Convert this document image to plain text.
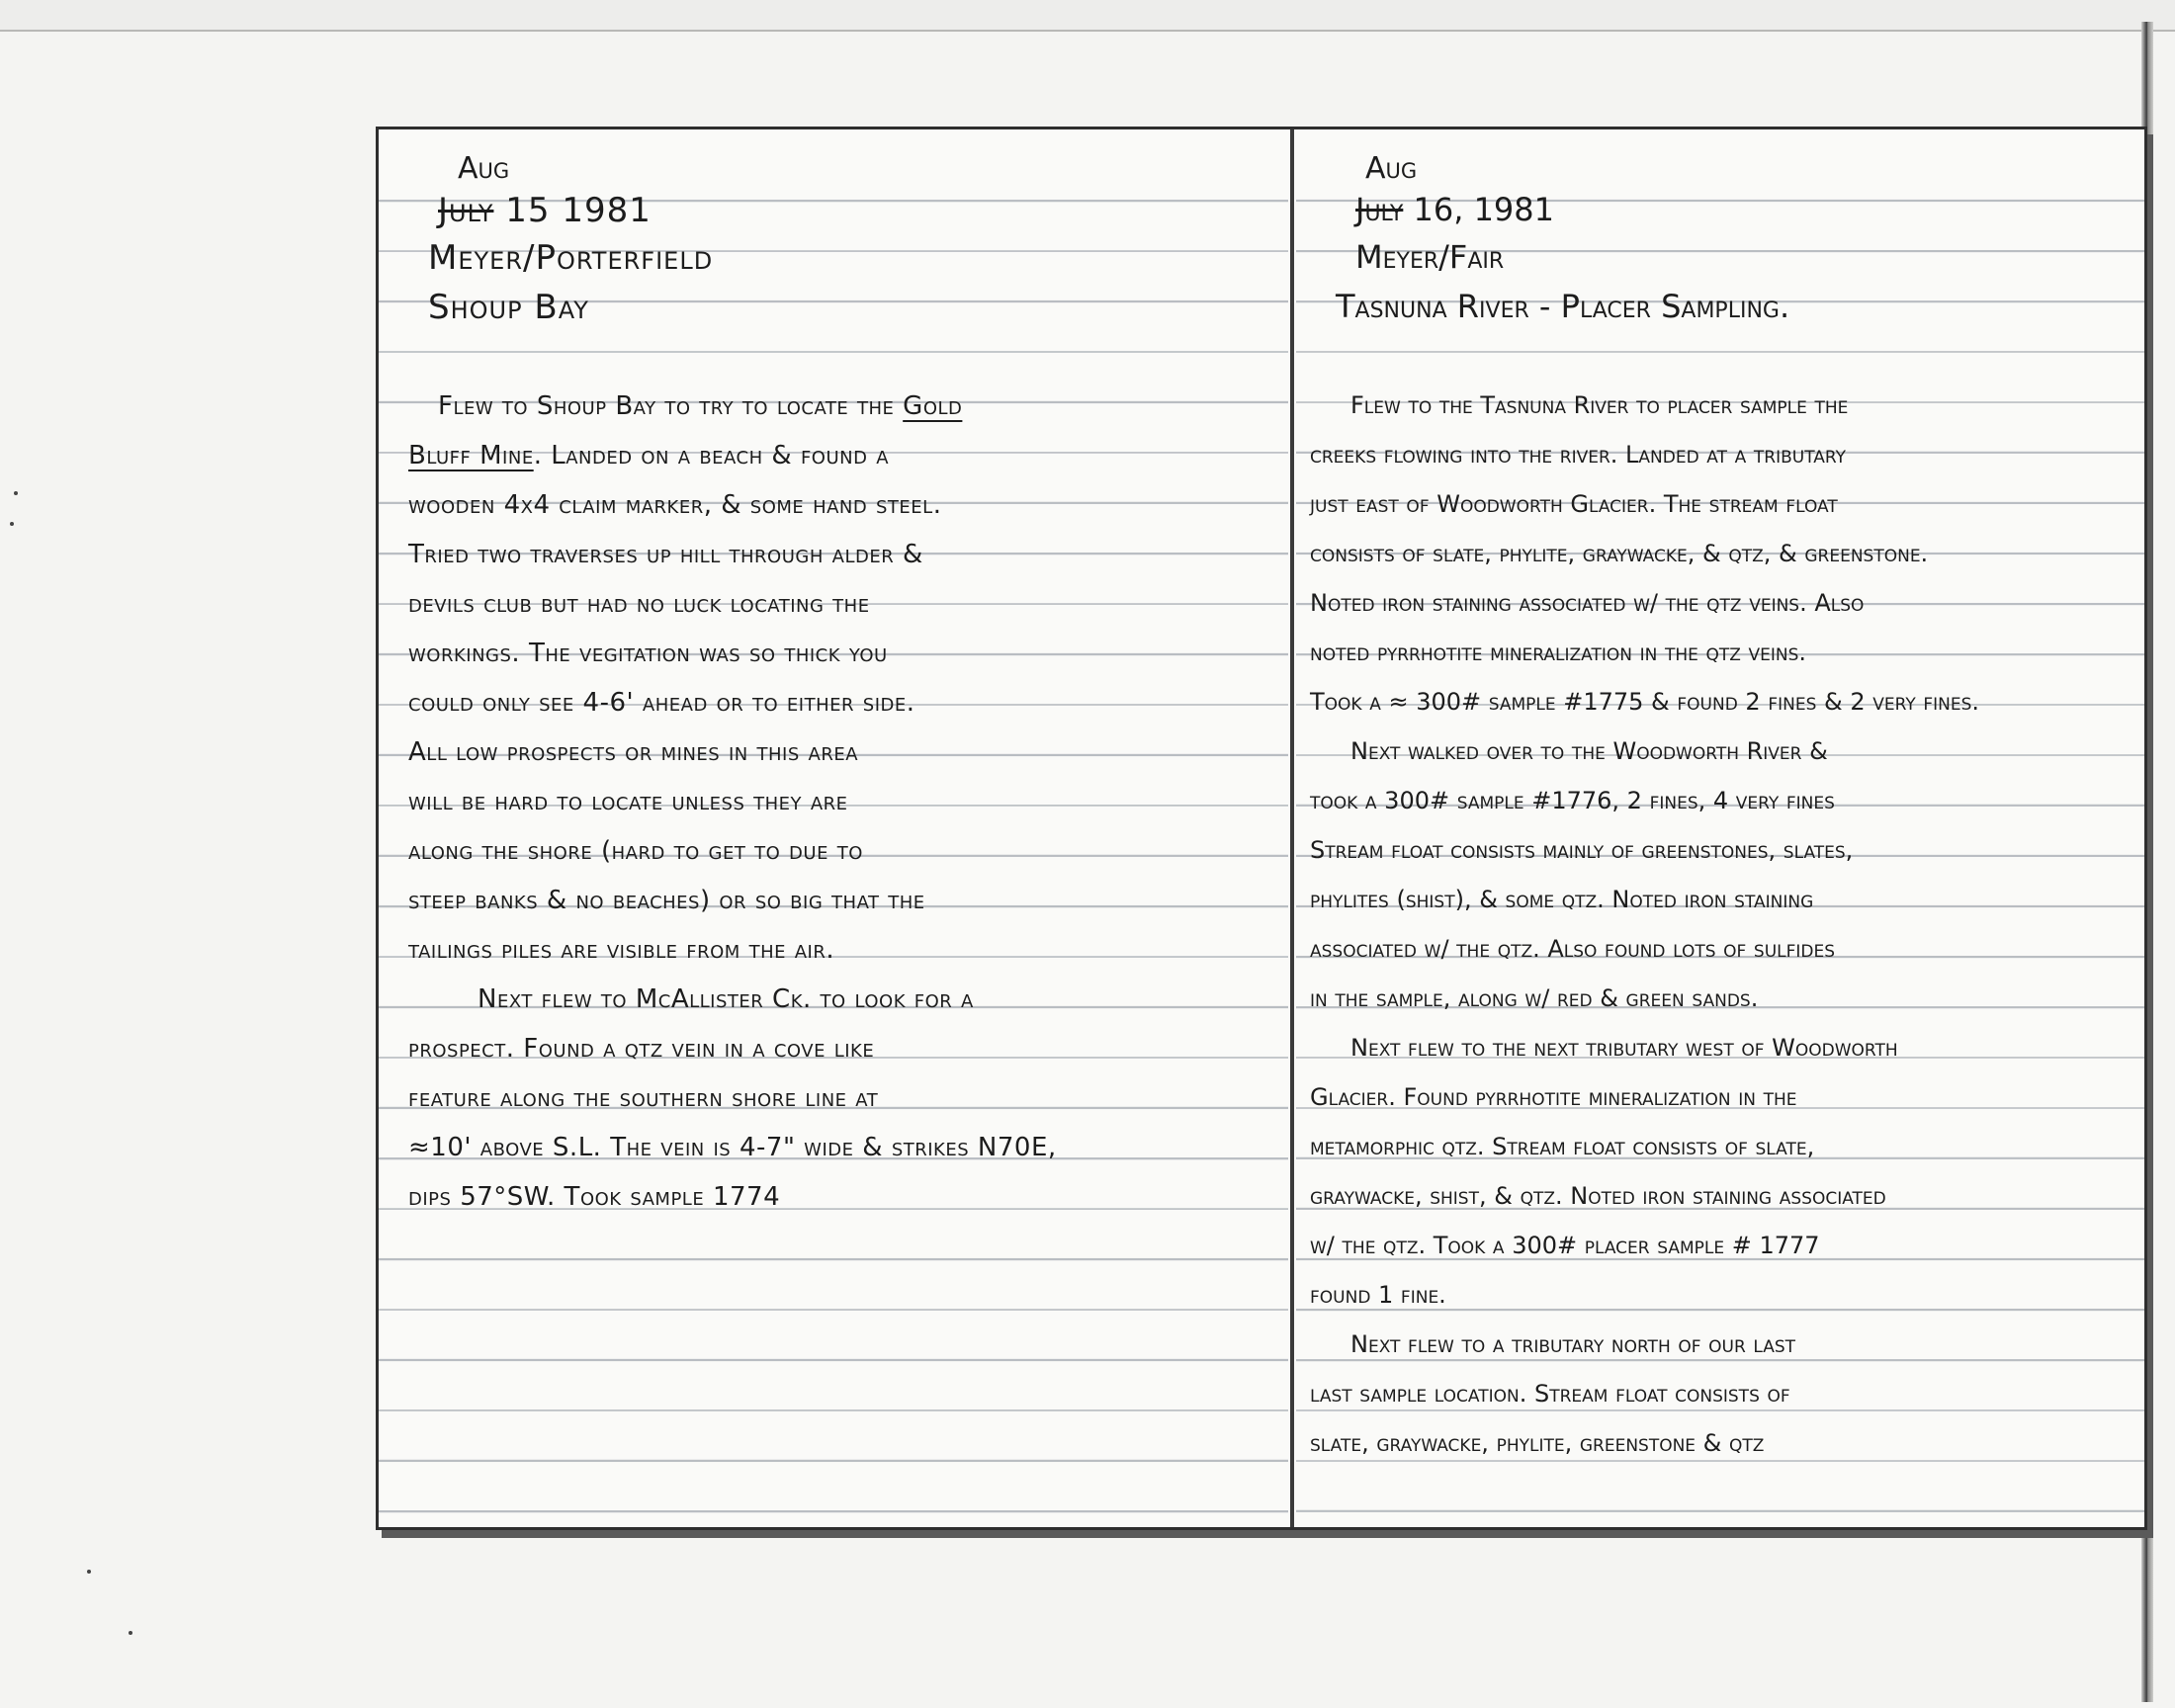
Aug
July 15 1981
Meyer/Porterfield
Shoup Bay
Flew to Shoup Bay to try to locate the Gold
Bluff Mine. Landed on a beach & found a
wooden 4x4 claim marker, & some hand steel.
Tried two traverses up hill through alder &
devils club but had no luck locating the
workings. The vegitation was so thick you
could only see 4-6' ahead or to either side.
All low prospects or mines in this area
will be hard to locate unless they are
along the shore (hard to get to due to
steep banks & no beaches) or so big that the
tailings piles are visible from the air.
Next flew to McAllister Ck. to look for a
prospect. Found a qtz vein in a cove like
feature along the southern shore line at
≈10' above S.L. The vein is 4-7" wide & strikes N70E,
dips 57°SW. Took sample 1774
Aug
July 16, 1981
Meyer/Fair
Tasnuna River - Placer Sampling.
Flew to the Tasnuna River to placer sample the
creeks flowing into the river. Landed at a tributary
just east of Woodworth Glacier. The stream float
consists of slate, phylite, graywacke, & qtz, & greenstone.
Noted iron staining associated w/ the qtz veins. Also
noted pyrrhotite mineralization in the qtz veins.
Took a ≈ 300# sample #1775 & found 2 fines & 2 very fines.
Next walked over to the Woodworth River &
took a 300# sample #1776, 2 fines, 4 very fines
Stream float consists mainly of greenstones, slates,
phylites (shist), & some qtz. Noted iron staining
associated w/ the qtz. Also found lots of sulfides
in the sample, along w/ red & green sands.
Next flew to the next tributary west of Woodworth
Glacier. Found pyrrhotite mineralization in the
metamorphic qtz. Stream float consists of slate,
graywacke, shist, & qtz. Noted iron staining associated
w/ the qtz. Took a 300# placer sample # 1777
found 1 fine.
Next flew to a tributary north of our last
last sample location. Stream float consists of
slate, graywacke, phylite, greenstone & qtz
